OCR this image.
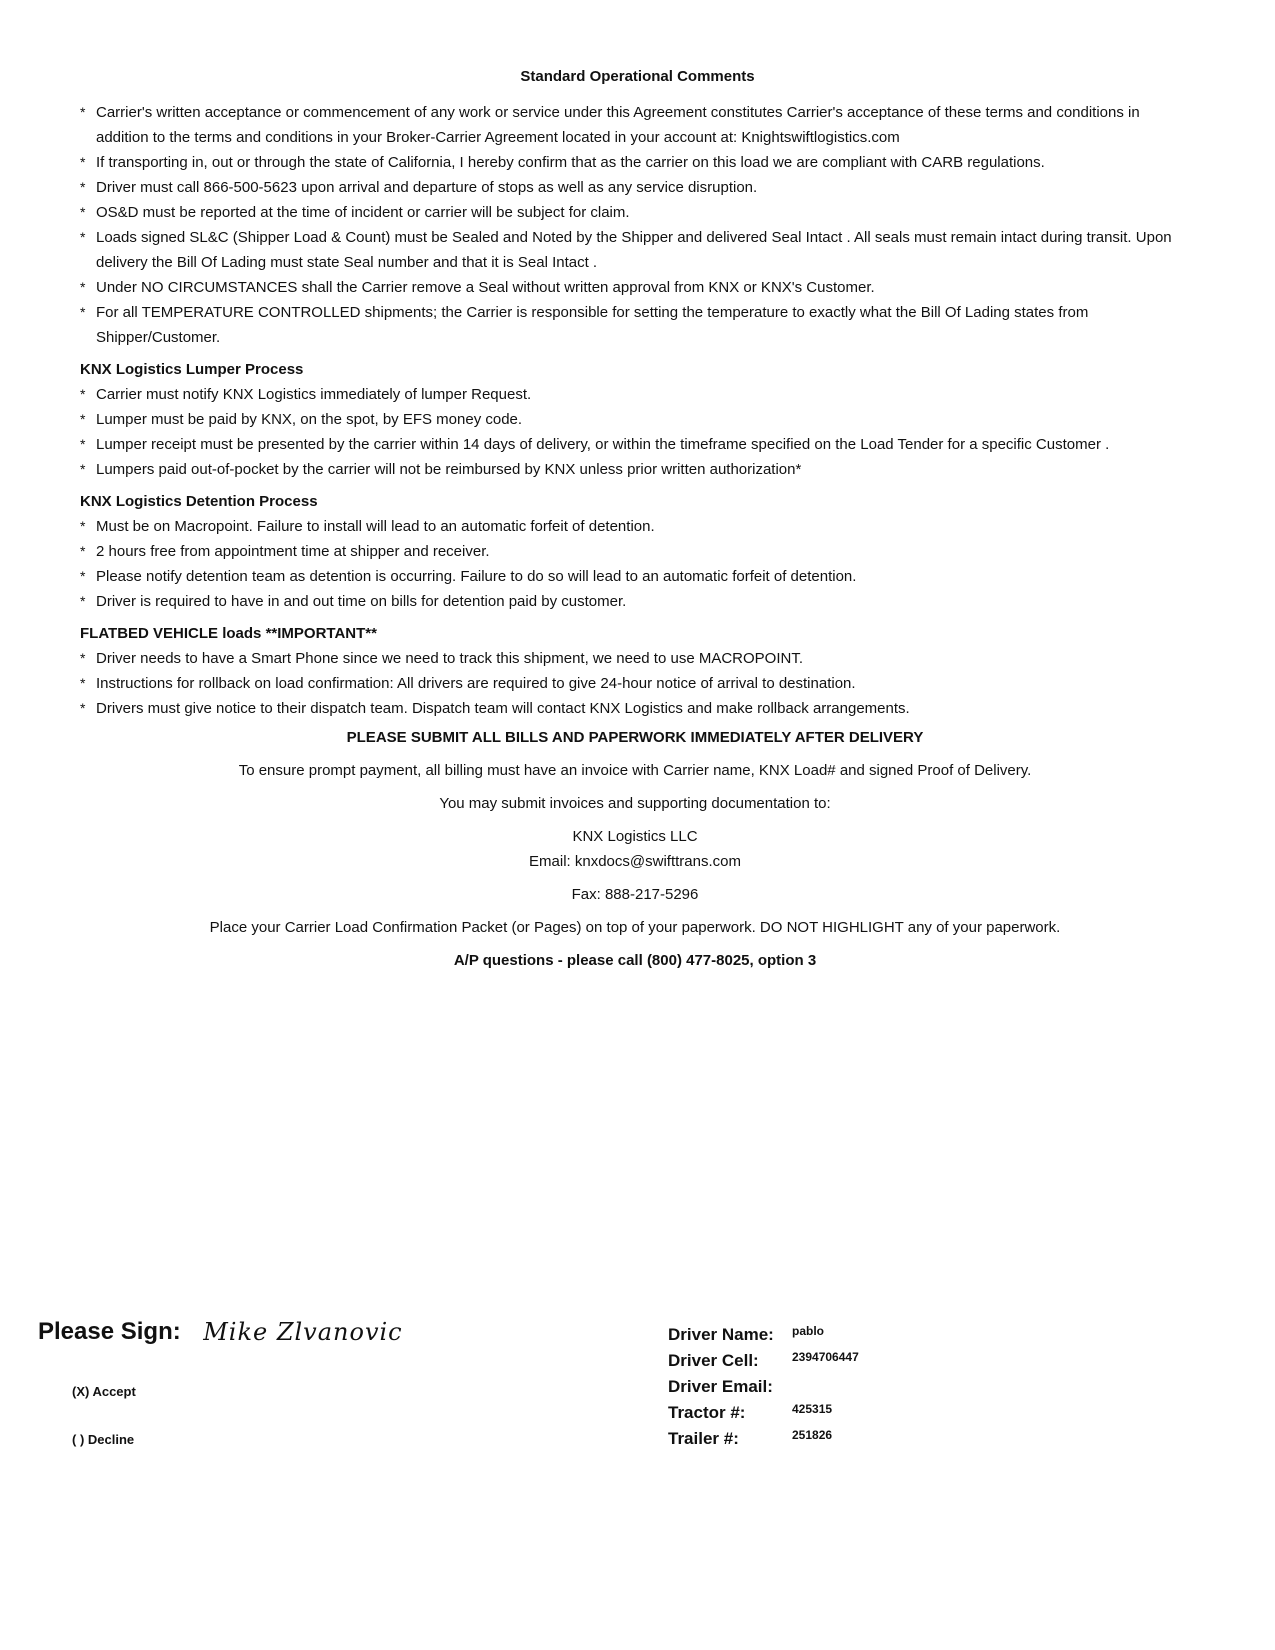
Standard Operational Comments
* Carrier's written acceptance or commencement of any work or service under this Agreement constitutes Carrier's acceptance of these terms and conditions in addition to the terms and conditions in your Broker-Carrier Agreement located in your account at: Knightswiftlogistics.com
* If transporting in, out or through the state of California, I hereby confirm that as the carrier on this load we are compliant with CARB regulations.
* Driver must call 866-500-5623 upon arrival and departure of stops as well as any service disruption.
* OS&D must be reported at the time of incident or carrier will be subject for claim.
* Loads signed SL&C (Shipper Load & Count) must be Sealed and Noted by the Shipper and delivered Seal Intact . All seals must remain intact during transit. Upon delivery the Bill Of Lading must state Seal number and that it is Seal Intact .
* Under NO CIRCUMSTANCES shall the Carrier remove a Seal without written approval from KNX or KNX's Customer.
* For all TEMPERATURE CONTROLLED shipments; the Carrier is responsible for setting the temperature to exactly what the Bill Of Lading states from Shipper/Customer.
KNX Logistics Lumper Process
* Carrier must notify KNX Logistics immediately of lumper Request.
* Lumper must be paid by KNX, on the spot, by EFS money code.
* Lumper receipt must be presented by the carrier within 14 days of delivery, or within the timeframe specified on the Load Tender for a specific Customer .
* Lumpers paid out-of-pocket by the carrier will not be reimbursed by KNX unless prior written authorization*
KNX Logistics Detention Process
* Must be on Macropoint. Failure to install will lead to an automatic forfeit of detention.
* 2 hours free from appointment time at shipper and receiver.
* Please notify detention team as detention is occurring. Failure to do so will lead to an automatic forfeit of detention.
* Driver is required to have in and out time on bills for detention paid by customer.
FLATBED VEHICLE loads **IMPORTANT**
* Driver needs to have a Smart Phone since we need to track this shipment, we need to use MACROPOINT.
* Instructions for rollback on load confirmation: All drivers are required to give 24-hour notice of arrival to destination.
* Drivers must give notice to their dispatch team. Dispatch team will contact KNX Logistics and make rollback arrangements.
PLEASE SUBMIT ALL BILLS AND PAPERWORK IMMEDIATELY AFTER DELIVERY
To ensure prompt payment, all billing must have an invoice with Carrier name, KNX Load# and signed Proof of Delivery.
You may submit invoices and supporting documentation to:
KNX Logistics LLC
Email: knxdocs@swifttrans.com
Fax: 888-217-5296
Place your Carrier Load Confirmation Packet (or Pages) on top of your paperwork. DO NOT HIGHLIGHT any of your paperwork.
A/P questions - please call (800) 477-8025, option 3
Please Sign: Mike Zlvanovic
(X) Accept
( ) Decline
Driver Name: pablo
Driver Cell:	2394706447
Driver Email:
Tractor #:	425315
Trailer #:	251826
